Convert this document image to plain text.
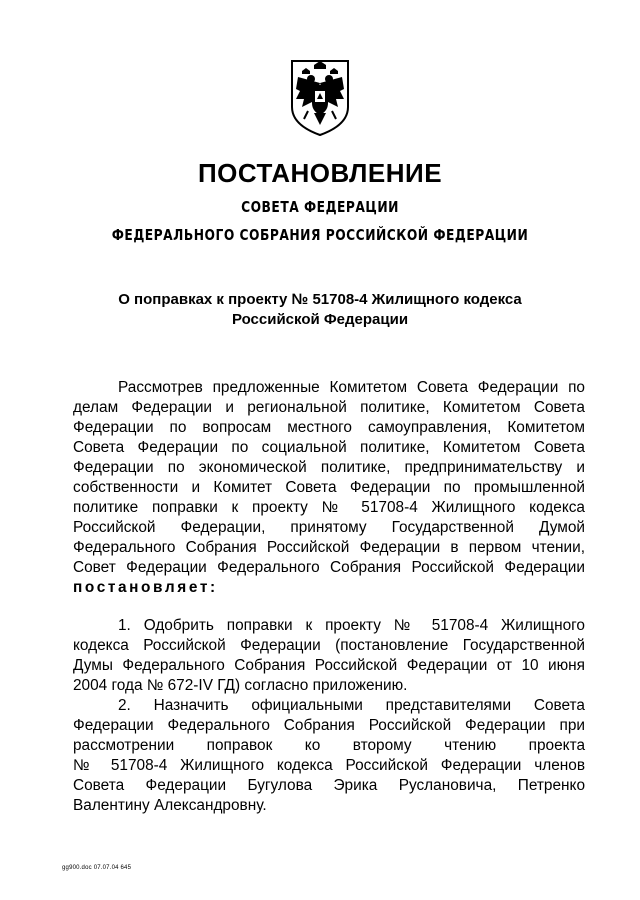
ПОСТАНОВЛЕНИЕ
СОВЕТА ФЕДЕРАЦИИ
ФЕДЕРАЛЬНОГО СОБРАНИЯ РОССИЙСКОЙ ФЕДЕРАЦИИ
О поправках к проекту № 51708-4 Жилищного кодекса
Российской Федерации
Рассмотрев предложенные Комитетом Совета Федерации по
делам Федерации и региональной политике, Комитетом Совета
Федерации по вопросам местного самоуправления, Комитетом
Совета Федерации по социальной политике, Комитетом Совета
Федерации по экономической политике, предпринимательству и
собственности и Комитет Совета Федерации по промышленной
политике поправки к проекту № 51708-4 Жилищного кодекса
Российской Федерации, принятому Государственной Думой
Федерального Собрания Российской Федерации в первом чтении,
Совет Федерации Федерального Собрания Российской Федерации
постановляет:
1. Одобрить поправки к проекту № 51708-4 Жилищного
кодекса Российской Федерации (постановление Государственной
Думы Федерального Собрания Российской Федерации от 10 июня
2004 года № 672-IV ГД) согласно приложению.
2. Назначить официальными представителями Совета
Федерации Федерального Собрания Российской Федерации при
рассмотрении поправок ко второму чтению проекта
№ 51708-4 Жилищного кодекса Российской Федерации членов
Совета Федерации Бугулова Эрика Руслановича, Петренко
Валентину Александровну.
gg900.doc 07.07.04 645
